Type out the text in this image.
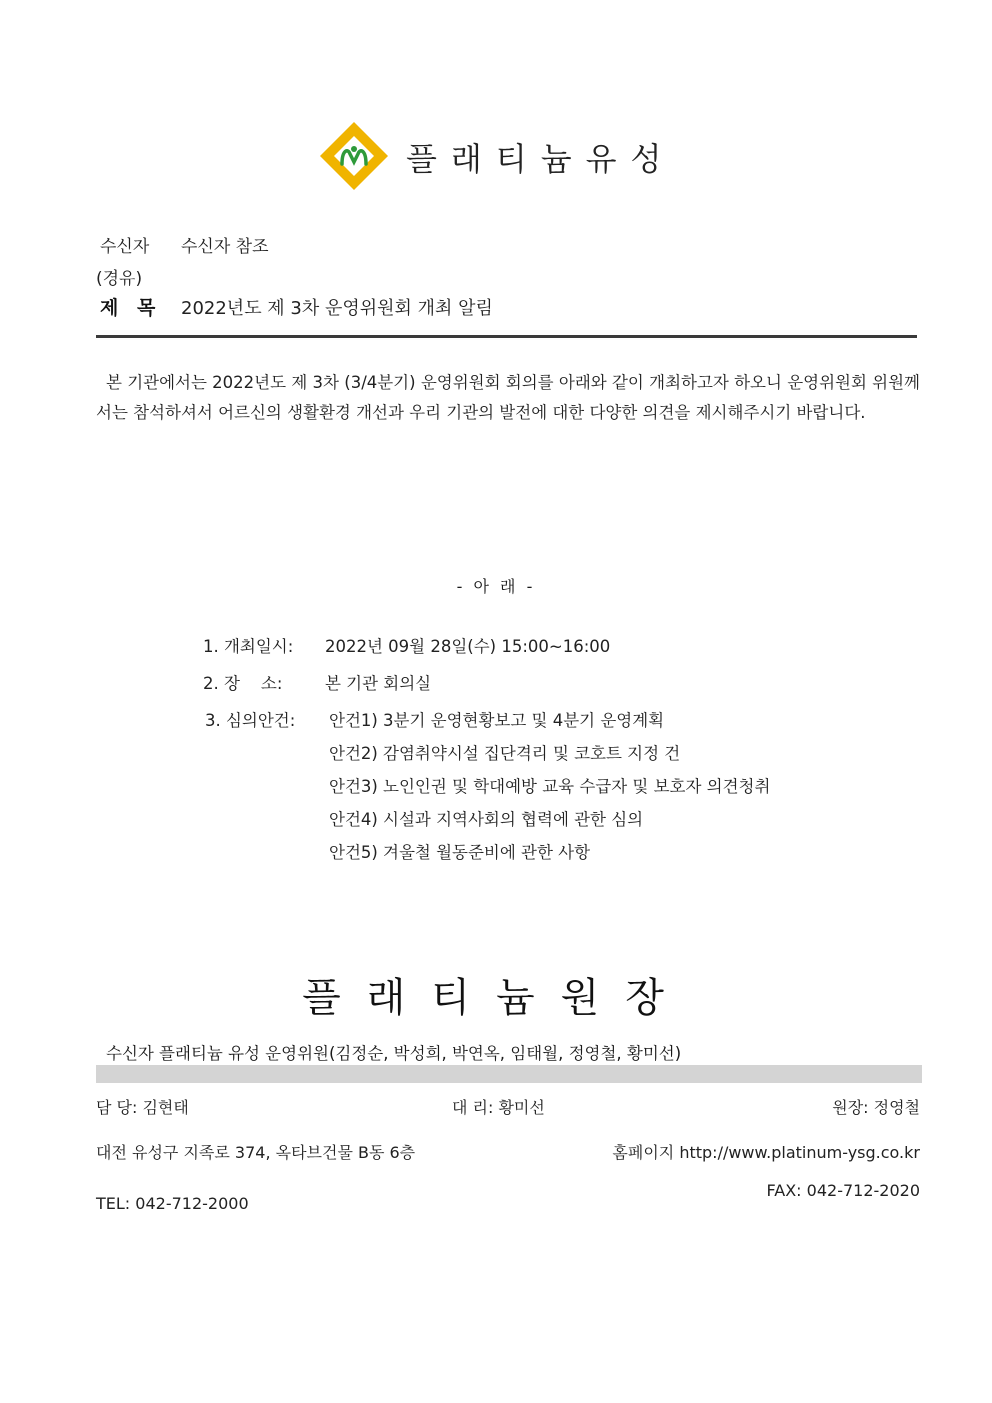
플래티늄유성
수신자 수신자 참조
(경유)
제 목 2022년도 제 3차 운영위원회 개최 알림
본 기관에서는 2022년도 제 3차 (3/4분기) 운영위원회 회의를 아래와 같이 개최하고자 하오니 운영위원회 위원께서는 참석하셔서 어르신의 생활환경 개선과 우리 기관의 발전에 대한 다양한 의견을 제시해주시기 바랍니다.
- 아 래 -
1. 개최일시: 2022년 09월 28일(수) 15:00~16:00
2. 장    소:	본 기관 회의실
3. 심의안건: 안건1) 3분기 운영현황보고 및 4분기 운영계획
안건2) 감염취약시설 집단격리 및 코호트 지정 건
안건3) 노인인권 및 학대예방 교육 수급자 및 보호자 의견청취
안건4) 시설과 지역사회의 협력에 관한 심의
안건5) 겨울철 월동준비에 관한 사항
플래티늄원장
수신자 플래티늄 유성 운영위원(김정순, 박성희, 박연옥, 임태월, 정영철, 황미선)
담 당: 김현태	대 리: 황미선	원장: 정영철
대전 유성구 지족로 374, 옥타브건물 B동 6층	홈페이지 http://www.platinum-ysg.co.kr
FAX: 042-712-2020
TEL: 042-712-2000
